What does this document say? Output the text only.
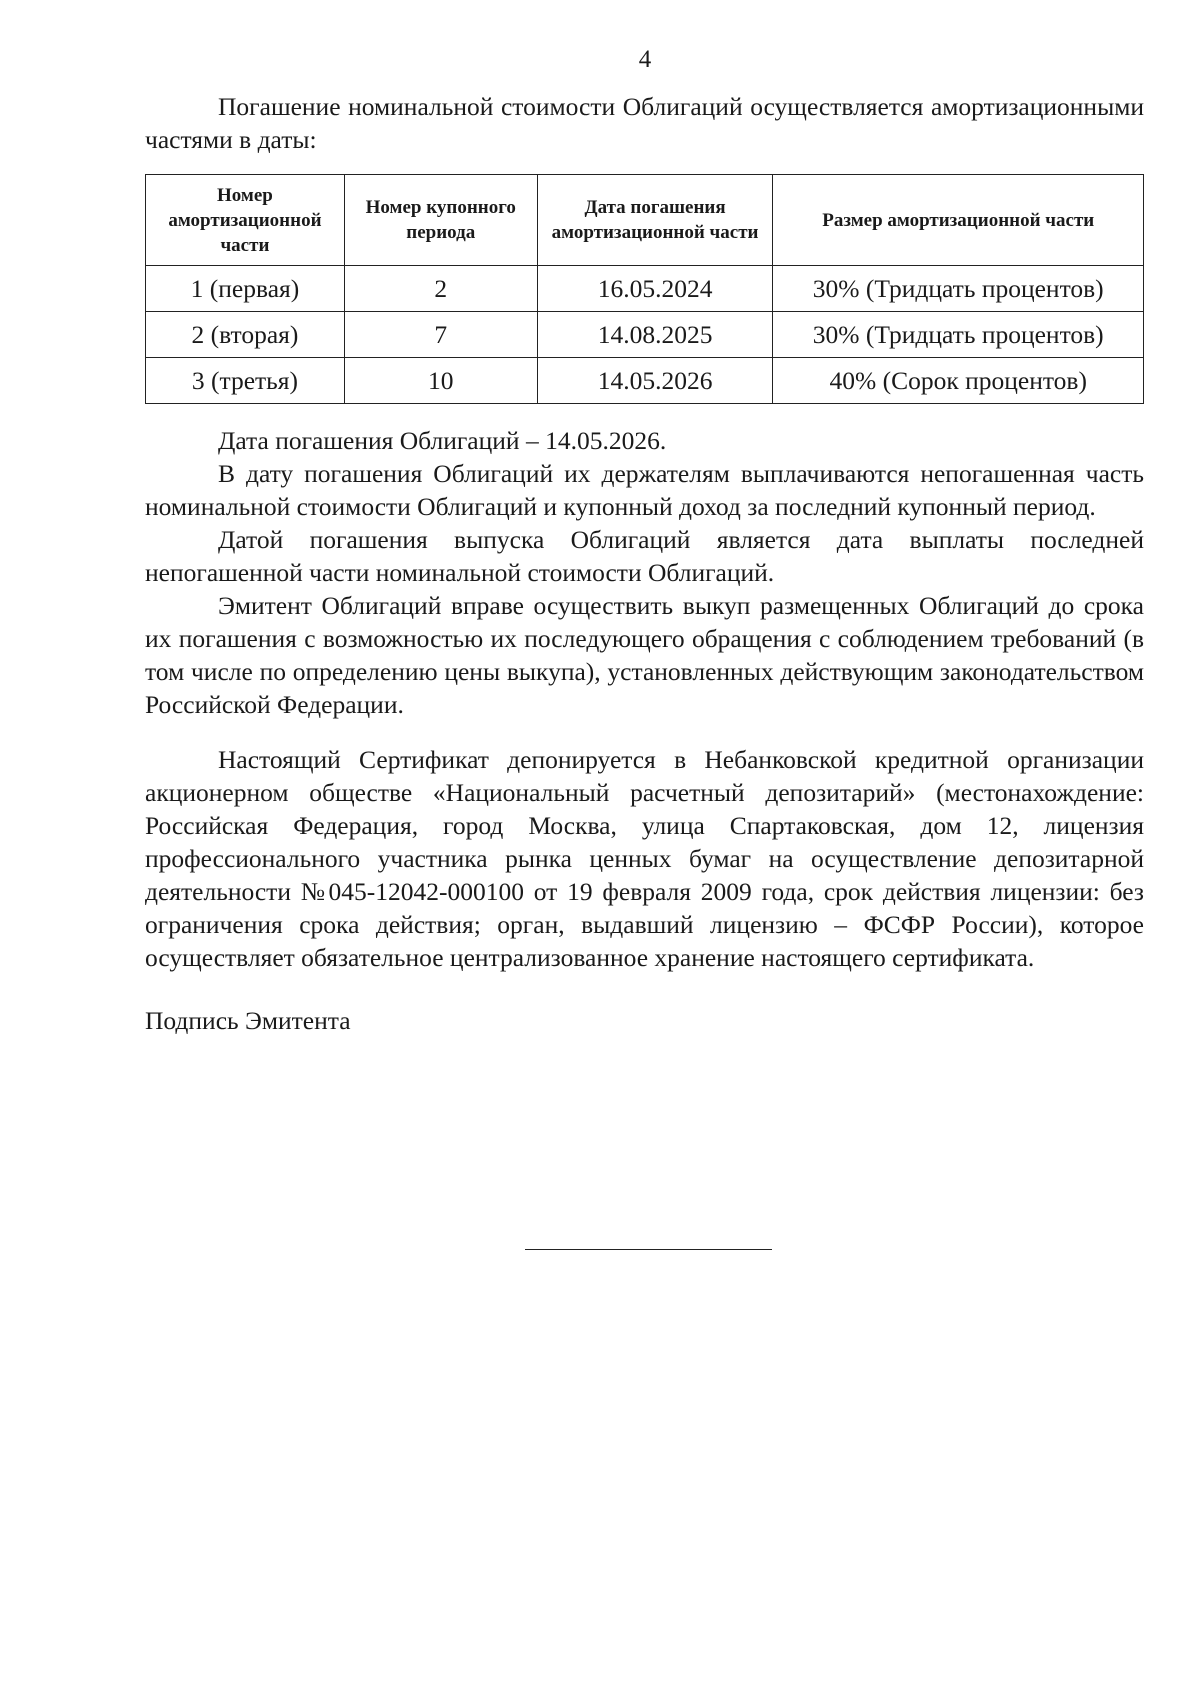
4

Погашение номинальной стоимости Облигаций осуществляется амортизационными частями в даты:

Номер амортизационной части	Номер купонного периода	Дата погашения амортизационной части	Размер амортизационной части
1 (первая)	2	16.05.2024	30% (Тридцать процентов)
2 (вторая)	7	14.08.2025	30% (Тридцать процентов)
3 (третья)	10	14.05.2026	40% (Сорок процентов)

Дата погашения Облигаций – 14.05.2026.

В дату погашения Облигаций их держателям выплачиваются непогашенная часть номинальной стоимости Облигаций и купонный доход за последний купонный период.

Датой погашения выпуска Облигаций является дата выплаты последней непогашенной части номинальной стоимости Облигаций.

Эмитент Облигаций вправе осуществить выкуп размещенных Облигаций до срока их погашения с возможностью их последующего обращения с соблюдением требований (в том числе по определению цены выкупа), установленных действующим законодательством Российской Федерации.

Настоящий Сертификат депонируется в Небанковской кредитной организации акционерном обществе «Национальный расчетный депозитарий» (местонахождение: Российская Федерация, город Москва, улица Спартаковская, дом 12, лицензия профессионального участника рынка ценных бумаг на осуществление депозитарной деятельности №045-12042-000100 от 19 февраля 2009 года, срок действия лицензии: без ограничения срока действия; орган, выдавший лицензию – ФСФР России), которое осуществляет обязательное централизованное хранение настоящего сертификата.

Подпись Эмитента
